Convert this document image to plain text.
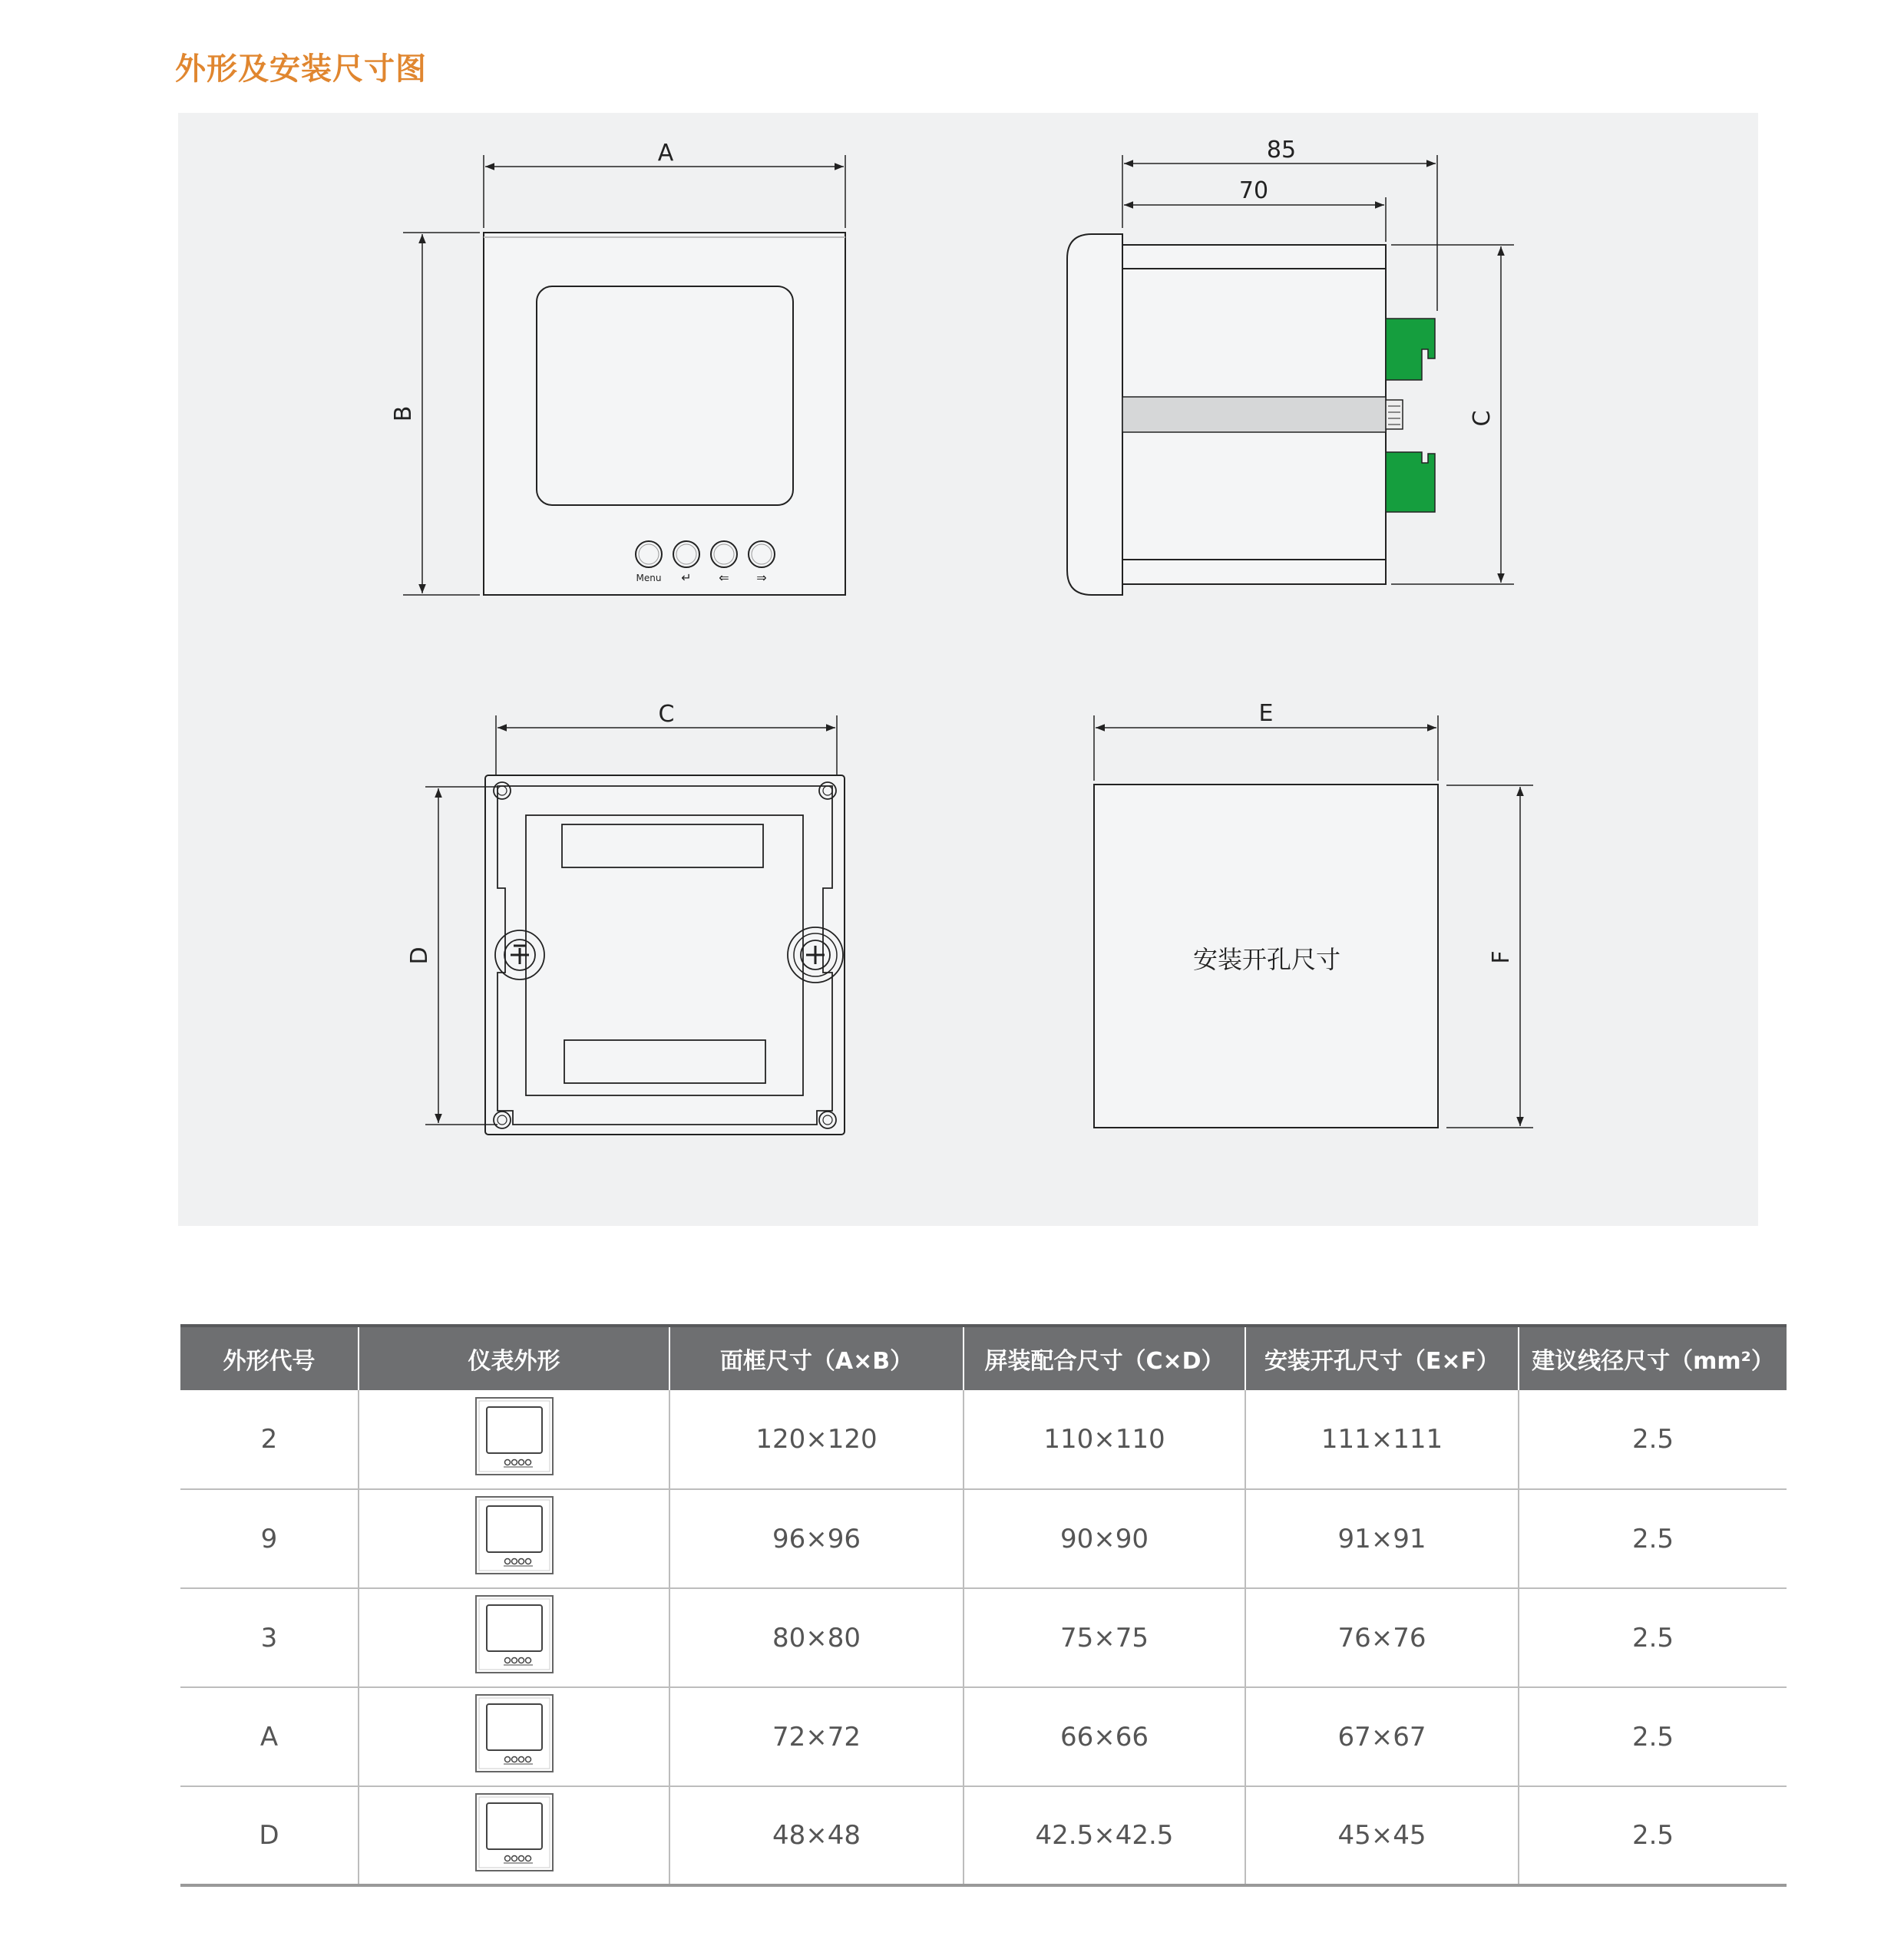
外形及安装尺寸图
Menu ↵ ⇐ ⇒
A
B
85
70
C
C
D	安装开孔尺寸
E
F
外形代号	仪表外形	面框尺寸（A×B）	屏装配合尺寸（C×D）	安装开孔尺寸（E×F）	建议线径尺寸（mm²）
2		120×120	110×110	111×111	2.5
9		96×96	90×90	91×91	2.5
3		80×80	75×75	76×76	2.5
A		72×72	66×66	67×67	2.5
D		48×48	42.5×42.5	45×45	2.5
